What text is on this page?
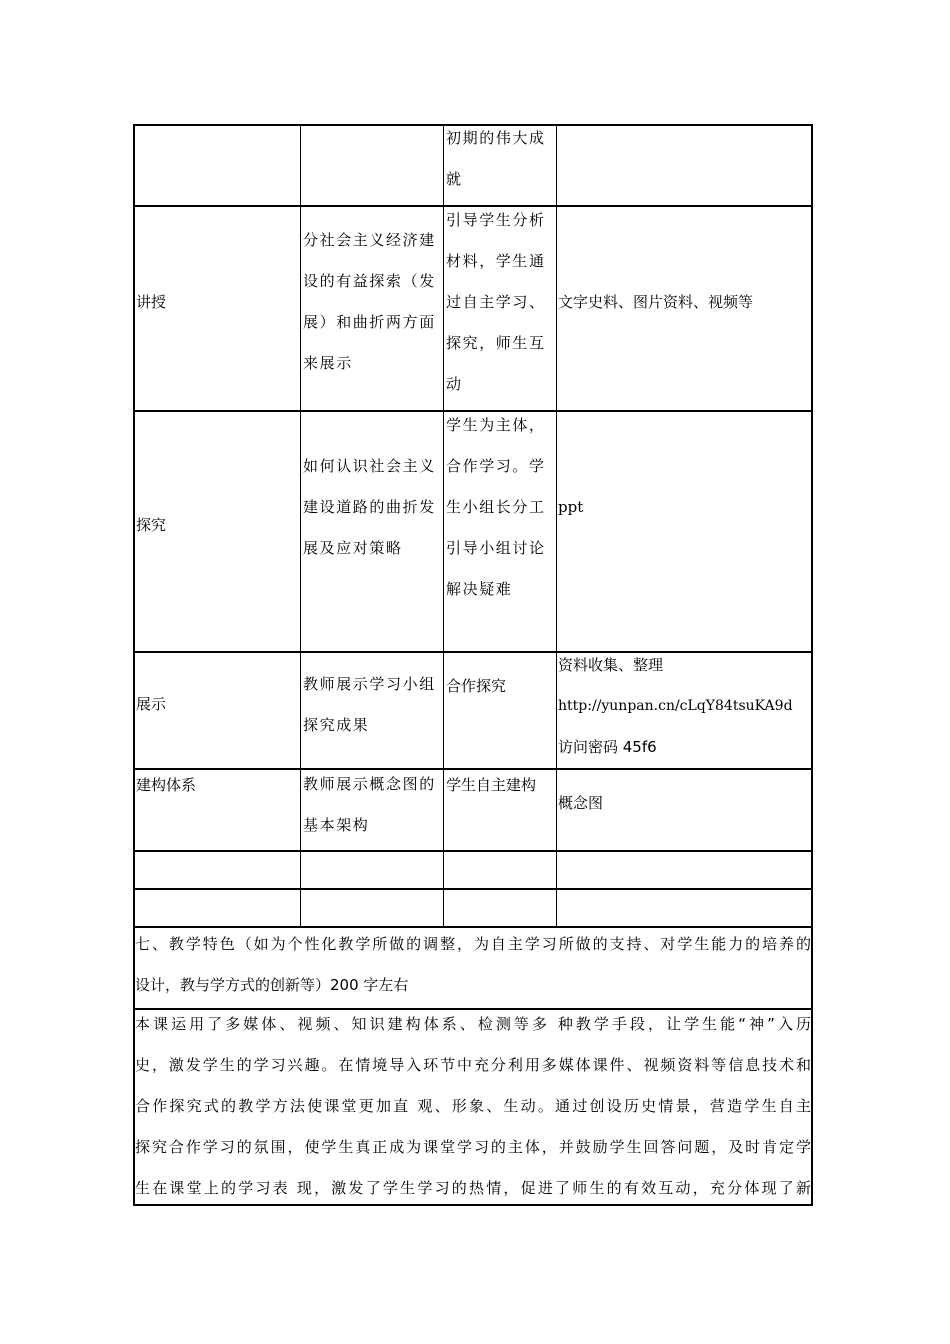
初期的伟大成
就
讲授
分社会主义经济建
设的有益探索（发
展）和曲折两方面
来展示
引导学生分析
材料，学生通
过自主学习、
探究，师生互
动
文字史料、图片资料、视频等
探究
如何认识社会主义
建设道路的曲折发
展及应对策略
学生为主体，
合作学习。学
生小组长分工
引导小组讨论
解决疑难
ppt
展示
教师展示学习小组
探究成果
合作探究
资料收集、整理
http://yunpan.cn/cLqY84tsuKA9d
访问密码 45f6
建构体系	教师展示概念图的
基本架构
学生自主建构
概念图
七、教学特色（如为个性化教学所做的调整，为自主学习所做的支持、对学生能力的培养的
设计，教与学方式的创新等）200 字左右
本课运用了多媒体、视频、知识建构体系、检测等多 种教学手段，让学生能“神”入历
史，激发学生的学习兴趣。在情境导入环节中充分利用多媒体课件、视频资料等信息技术和
合作探究式的教学方法使课堂更加直 观、形象、生动。通过创设历史情景，营造学生自主
探究合作学习的氛围，使学生真正成为课堂学习的主体，并鼓励学生回答问题，及时肯定学
生在课堂上的学习表 现，激发了学生学习的热情，促进了师生的有效互动，充分体现了新
